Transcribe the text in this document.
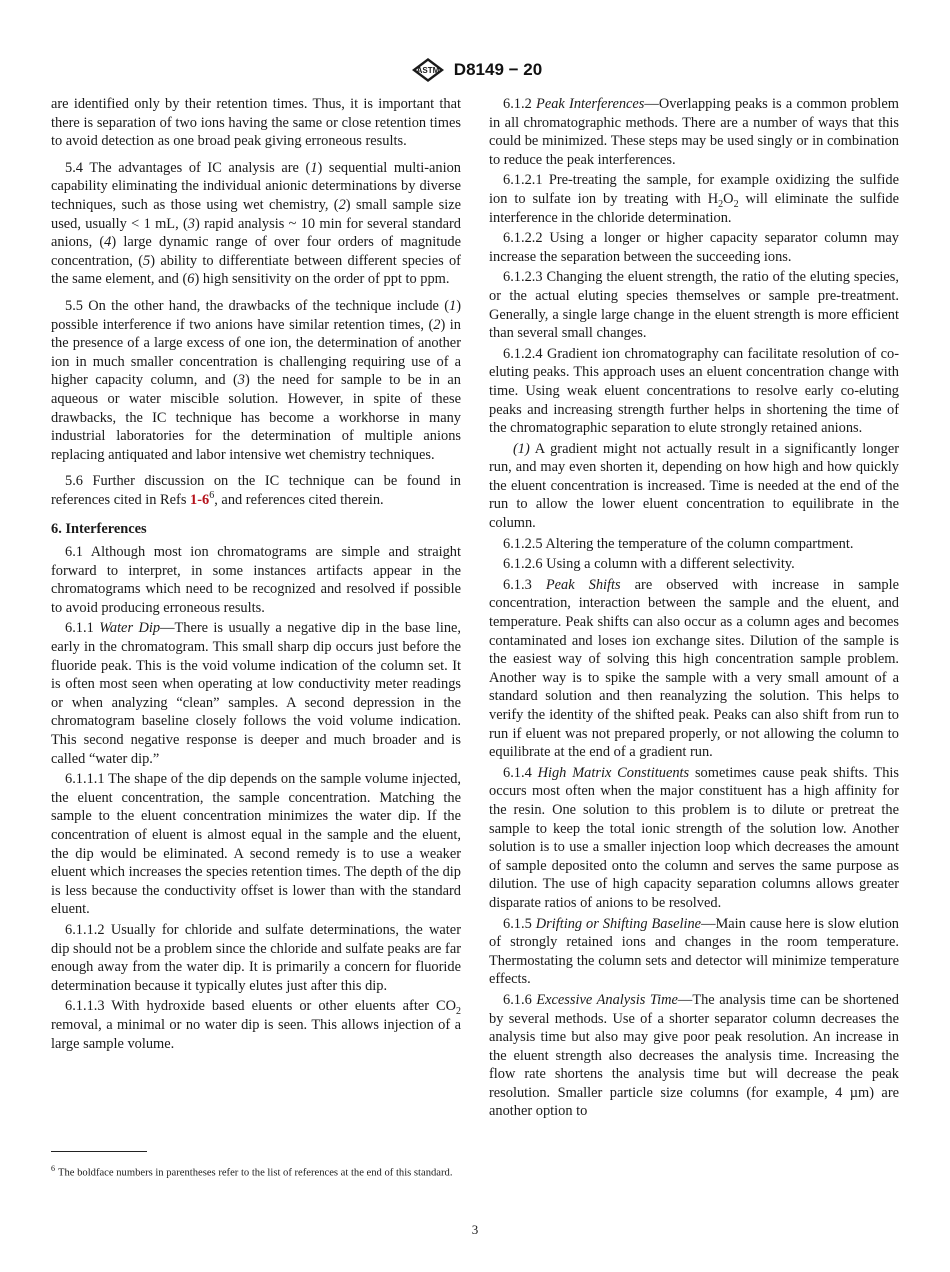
ASTM D8149 − 20

are identified only by their retention times. Thus, it is important that there is separation of two ions having the same or close retention times to avoid detection as one broad peak giving erroneous results.

5.4 The advantages of IC analysis are (1) sequential multi-anion capability eliminating the individual anionic determinations by diverse techniques, such as those using wet chemistry, (2) small sample size used, usually < 1 mL, (3) rapid analysis ~ 10 min for several standard anions, (4) large dynamic range of over four orders of magnitude concentration, (5) ability to differentiate between different species of the same element, and (6) high sensitivity on the order of ppt to ppm.

5.5 On the other hand, the drawbacks of the technique include (1) possible interference if two anions have similar retention times, (2) in the presence of a large excess of one ion, the determination of another ion in much smaller concentration is challenging requiring use of a higher capacity column, and (3) the need for sample to be in an aqueous or water miscible solution. However, in spite of these drawbacks, the IC technique has become a workhorse in many industrial laboratories for the determination of multiple anions replacing antiquated and labor intensive wet chemistry techniques.

5.6 Further discussion on the IC technique can be found in references cited in Refs $1-6^6$, and references cited therein.

6. Interferences

6.1 Although most ion chromatograms are simple and straight forward to interpret, in some instances artifacts appear in the chromatograms which need to be recognized and resolved if possible to avoid producing erroneous results.

6.1.1 Water Dip—There is usually a negative dip in the base line, early in the chromatogram. This small sharp dip occurs just before the fluoride peak. This is the void volume indication of the column set. It is often most seen when operating at low conductivity meter readings or when analyzing “clean” samples. A second depression in the chromatogram baseline closely follows the void volume indication. This second negative response is deeper and much broader and is called “water dip.”

6.1.1.1 The shape of the dip depends on the sample volume injected, the eluent concentration, the sample concentration. Matching the sample to the eluent concentration minimizes the water dip. If the concentration of eluent is almost equal in the sample and the eluent, the dip would be eliminated. A second remedy is to use a weaker eluent which increases the species retention times. The depth of the dip is less because the conductivity offset is lower than with the standard eluent.

6.1.1.2 Usually for chloride and sulfate determinations, the water dip should not be a problem since the chloride and sulfate peaks are far enough away from the water dip. It is primarily a concern for fluoride determination because it typically elutes just after this dip.

6.1.1.3 With hydroxide based eluents or other eluents after $CO_2$ removal, a minimal or no water dip is seen. This allows injection of a large sample volume.

$^6$ The boldface numbers in parentheses refer to the list of references at the end of this standard.

6.1.2 Peak Interferences—Overlapping peaks is a common problem in all chromatographic methods. There are a number of ways that this could be minimized. These steps may be used singly or in combination to reduce the peak interferences.

6.1.2.1 Pre-treating the sample, for example oxidizing the sulfide ion to sulfate ion by treating with $H_2O_2$ will eliminate the sulfide interference in the chloride determination.

6.1.2.2 Using a longer or higher capacity separator column may increase the separation between the succeeding ions.

6.1.2.3 Changing the eluent strength, the ratio of the eluting species, or the actual eluting species themselves or sample pre-treatment. Generally, a single large change in the eluent strength is more efficient than several small changes.

6.1.2.4 Gradient ion chromatography can facilitate resolution of co-eluting peaks. This approach uses an eluent concentration change with time. Using weak eluent concentrations to resolve early co-eluting peaks and increasing strength further helps in shortening the time of the chromatographic separation to elute strongly retained anions.

(1) A gradient might not actually result in a significantly longer run, and may even shorten it, depending on how high and how quickly the eluent concentration is increased. Time is needed at the end of the run to allow the lower eluent concentration to equilibrate in the column.

6.1.2.5 Altering the temperature of the column compartment.

6.1.2.6 Using a column with a different selectivity.

6.1.3 Peak Shifts are observed with increase in sample concentration, interaction between the sample and the eluent, and temperature. Peak shifts can also occur as a column ages and becomes contaminated and loses ion exchange sites. Dilution of the sample is the easiest way of solving this high concentration sample problem. Another way is to spike the sample with a very small amount of a standard solution and then reanalyzing the solution. This helps to verify the identity of the shifted peak. Peaks can also shift from run to run if eluent was not prepared properly, or not allowing the column to equilibrate at the end of a gradient run.

6.1.4 High Matrix Constituents sometimes cause peak shifts. This occurs most often when the major constituent has a high affinity for the resin. One solution to this problem is to dilute or pretreat the sample to keep the total ionic strength of the solution low. Another solution is to use a smaller injection loop which decreases the amount of sample deposited onto the column and serves the same purpose as dilution. The use of high capacity separation columns allows greater disparate ratios of anions to be resolved.

6.1.5 Drifting or Shifting Baseline—Main cause here is slow elution of strongly retained ions and changes in the room temperature. Thermostating the column sets and detector will minimize temperature effects.

6.1.6 Excessive Analysis Time—The analysis time can be shortened by several methods. Use of a shorter separator column decreases the analysis time but also may give poor peak resolution. An increase in the eluent strength also decreases the analysis time. Increasing the flow rate shortens the analysis time but will decrease the peak resolution. Smaller particle size columns (for example, 4 µm) are another option to

3
